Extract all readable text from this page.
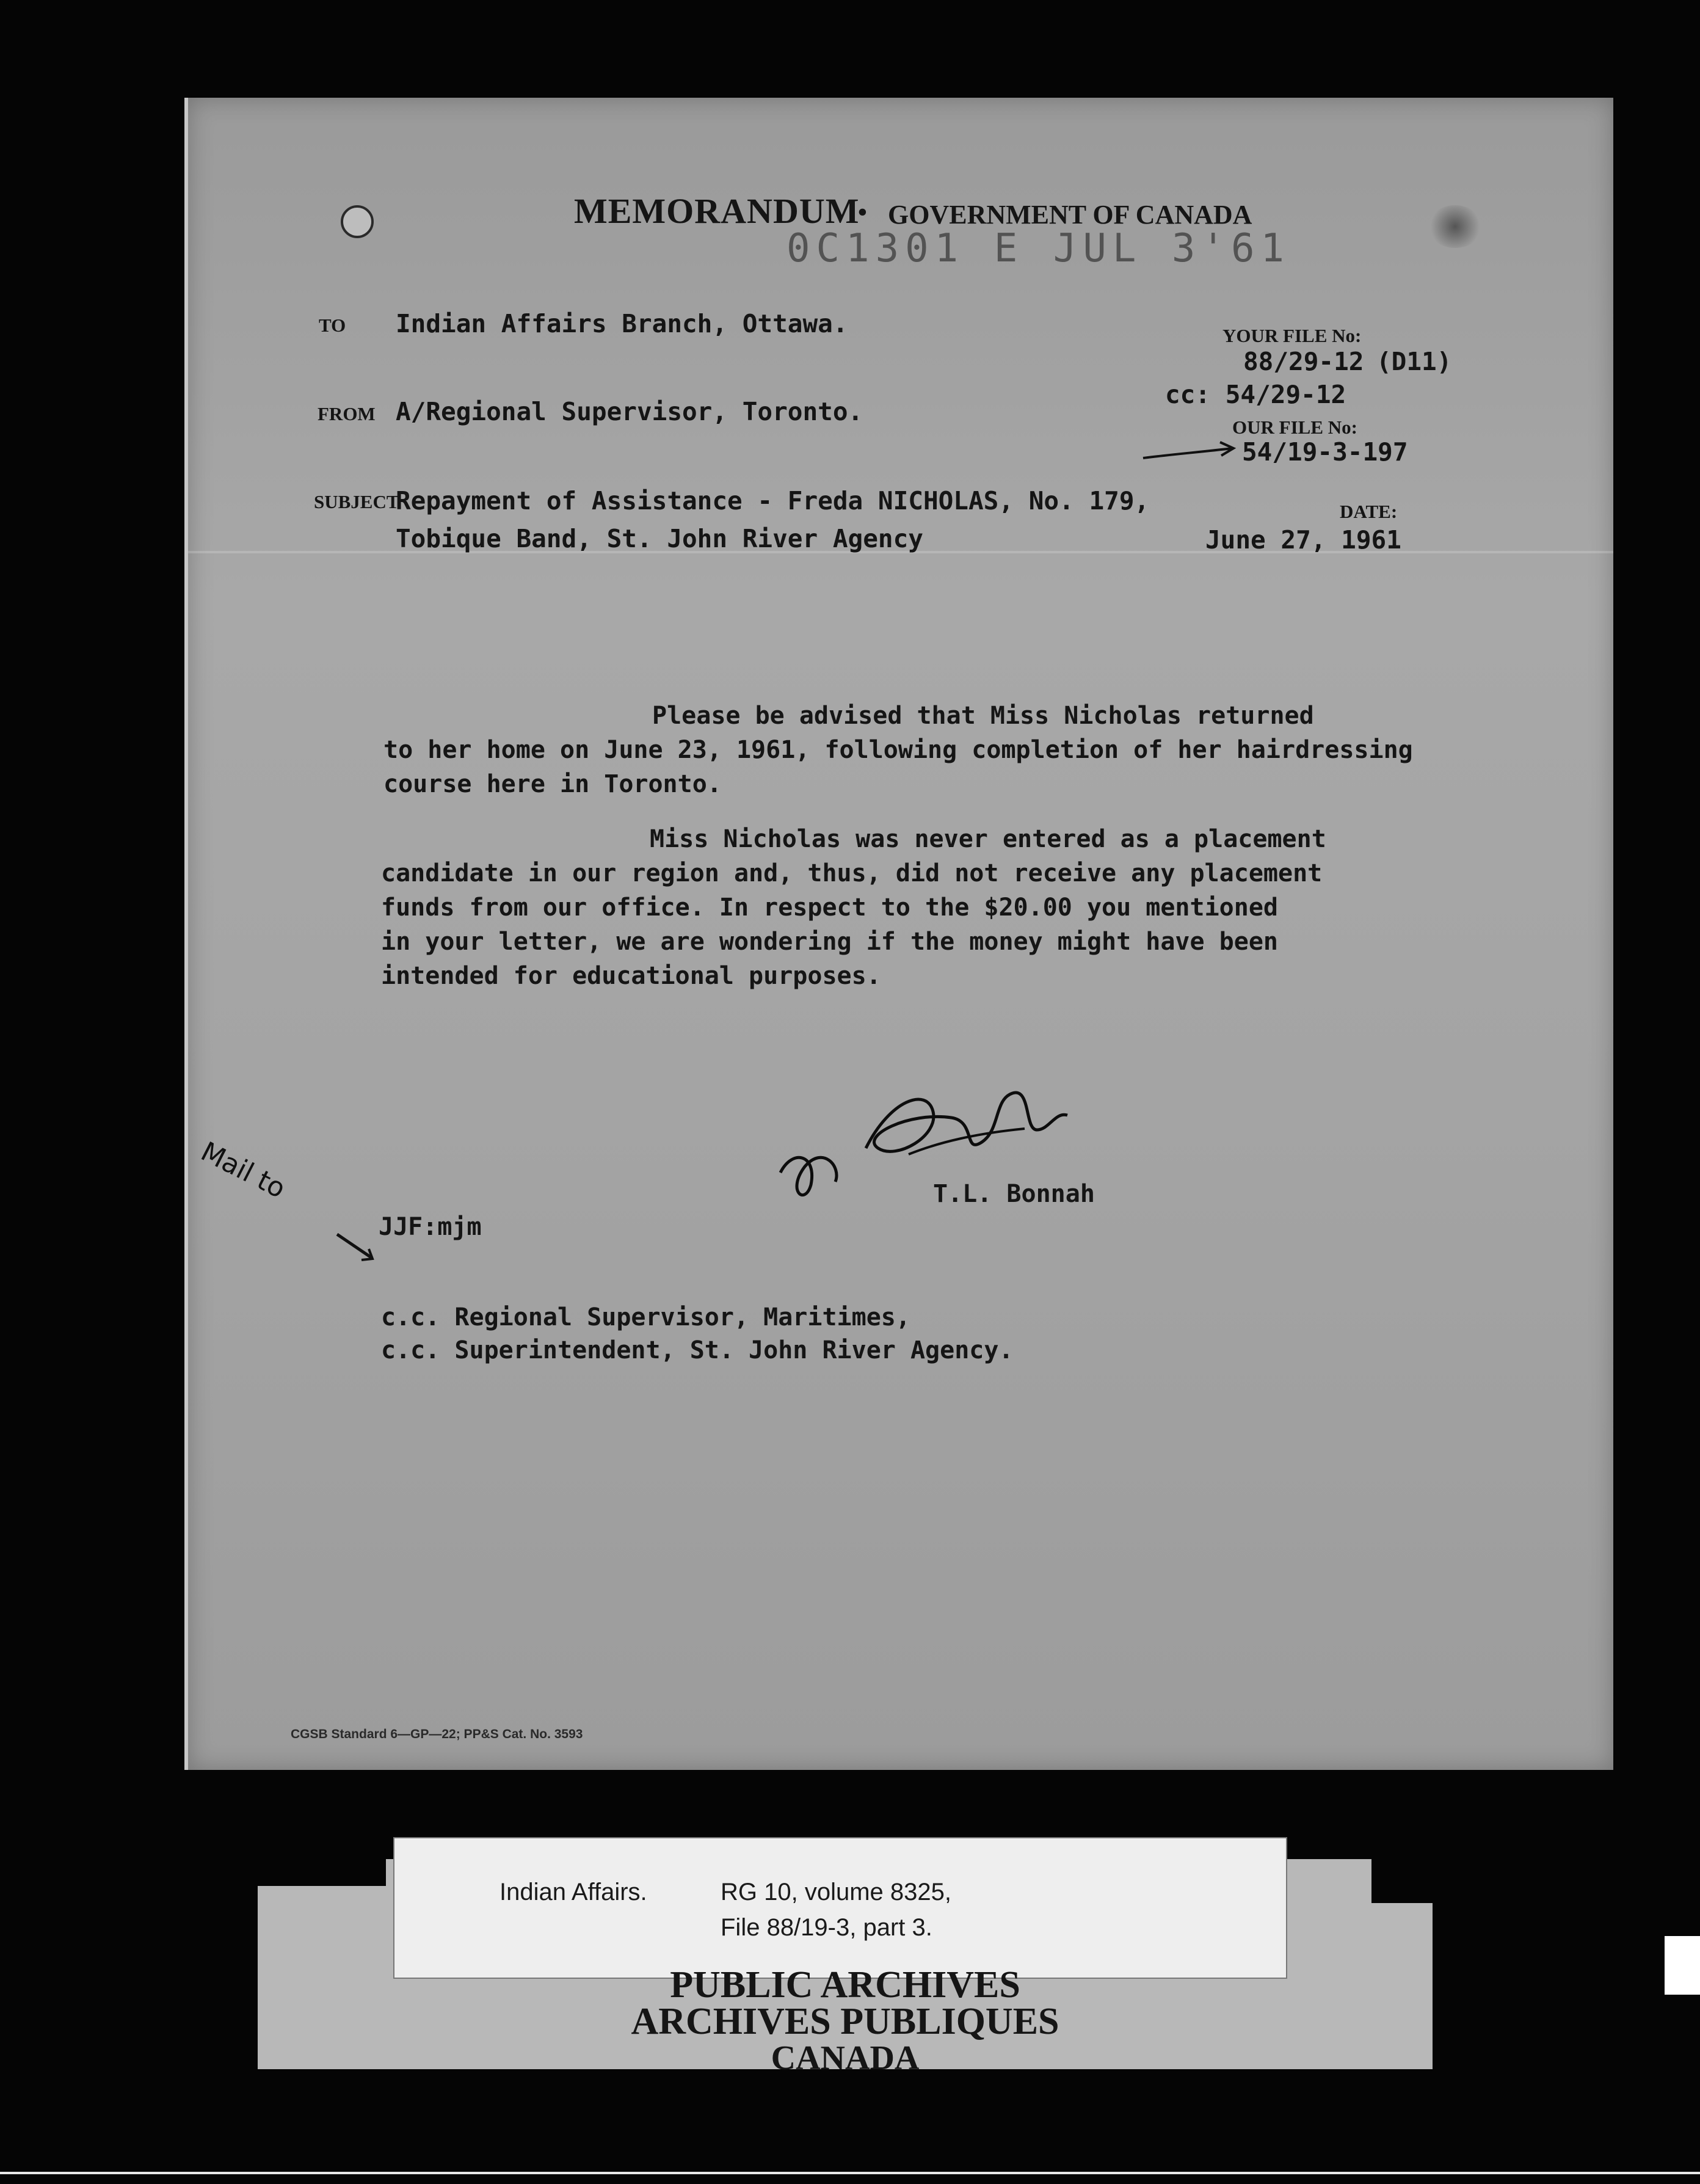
MEMORANDUM
• GOVERNMENT OF CANADA
0C1301 E JUL 3'61
TO Indian Affairs Branch, Ottawa.
FROM A/Regional Supervisor, Toronto.
SUBJECT
Repayment of Assistance - Freda NICHOLAS, No. 179,
Tobique Band, St. John River Agency
YOUR FILE No:
88/29-12 (D11)
cc: 54/29-12
OUR FILE No:
54/19-3-197
DATE:
June 27, 1961
Please be advised that Miss Nicholas returned
to her home on June 23, 1961, following completion of her hairdressing
course here in Toronto.
Miss Nicholas was never entered as a placement
candidate in our region and, thus, did not receive any placement
funds from our office. In respect to the $20.00 you mentioned
in your letter, we are wondering if the money might have been
intended for educational purposes.
T.L. Bonnah
Mail to
JJF:mjm
c.c. Regional Supervisor, Maritimes,
c.c. Superintendent, St. John River Agency.
CGSB Standard 6—GP—22; PP&S Cat. No. 3593
Indian Affairs.	RG 10, volume 8325,
File 88/19-3, part 3.
PUBLIC ARCHIVES
ARCHIVES PUBLIQUES
CANADA
